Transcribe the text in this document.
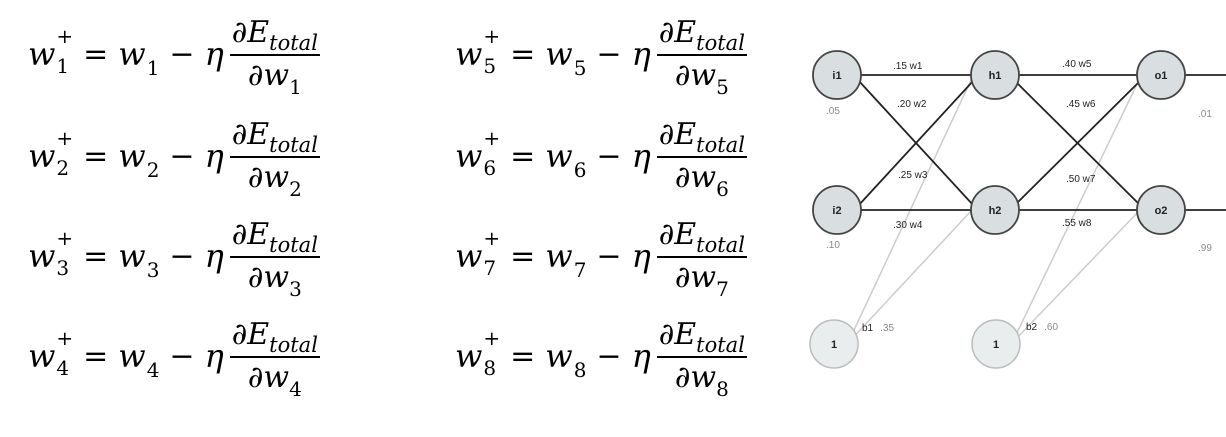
w +
1 = w1 − η $\frac{\partial E_{total}}{\partial w_1}$
w +
2 = w2 − η $\frac{\partial E_{total}}{\partial w_2}$
w +
3 = w3 − η $\frac{\partial E_{total}}{\partial w_3}$
w +
4 = w4 − η $\frac{\partial E_{total}}{\partial w_4}$
w +
5 = w5 − η $\frac{\partial E_{total}}{\partial w_5}$
w +
6 = w6 − η $\frac{\partial E_{total}}{\partial w_6}$
w +
7 = w7 − η $\frac{\partial E_{total}}{\partial w_7}$
w +
8 = w8 − η $\frac{\partial E_{total}}{\partial w_8}$
.15 w1
.20 w2
.25 w3
.30 w4
.40 w5
.45 w6
.50 w7
.55 w8
i1
.05
i2
.10
h1
h2
o1
.01
o2
.99
1
b1 .35
1
b2 .60
